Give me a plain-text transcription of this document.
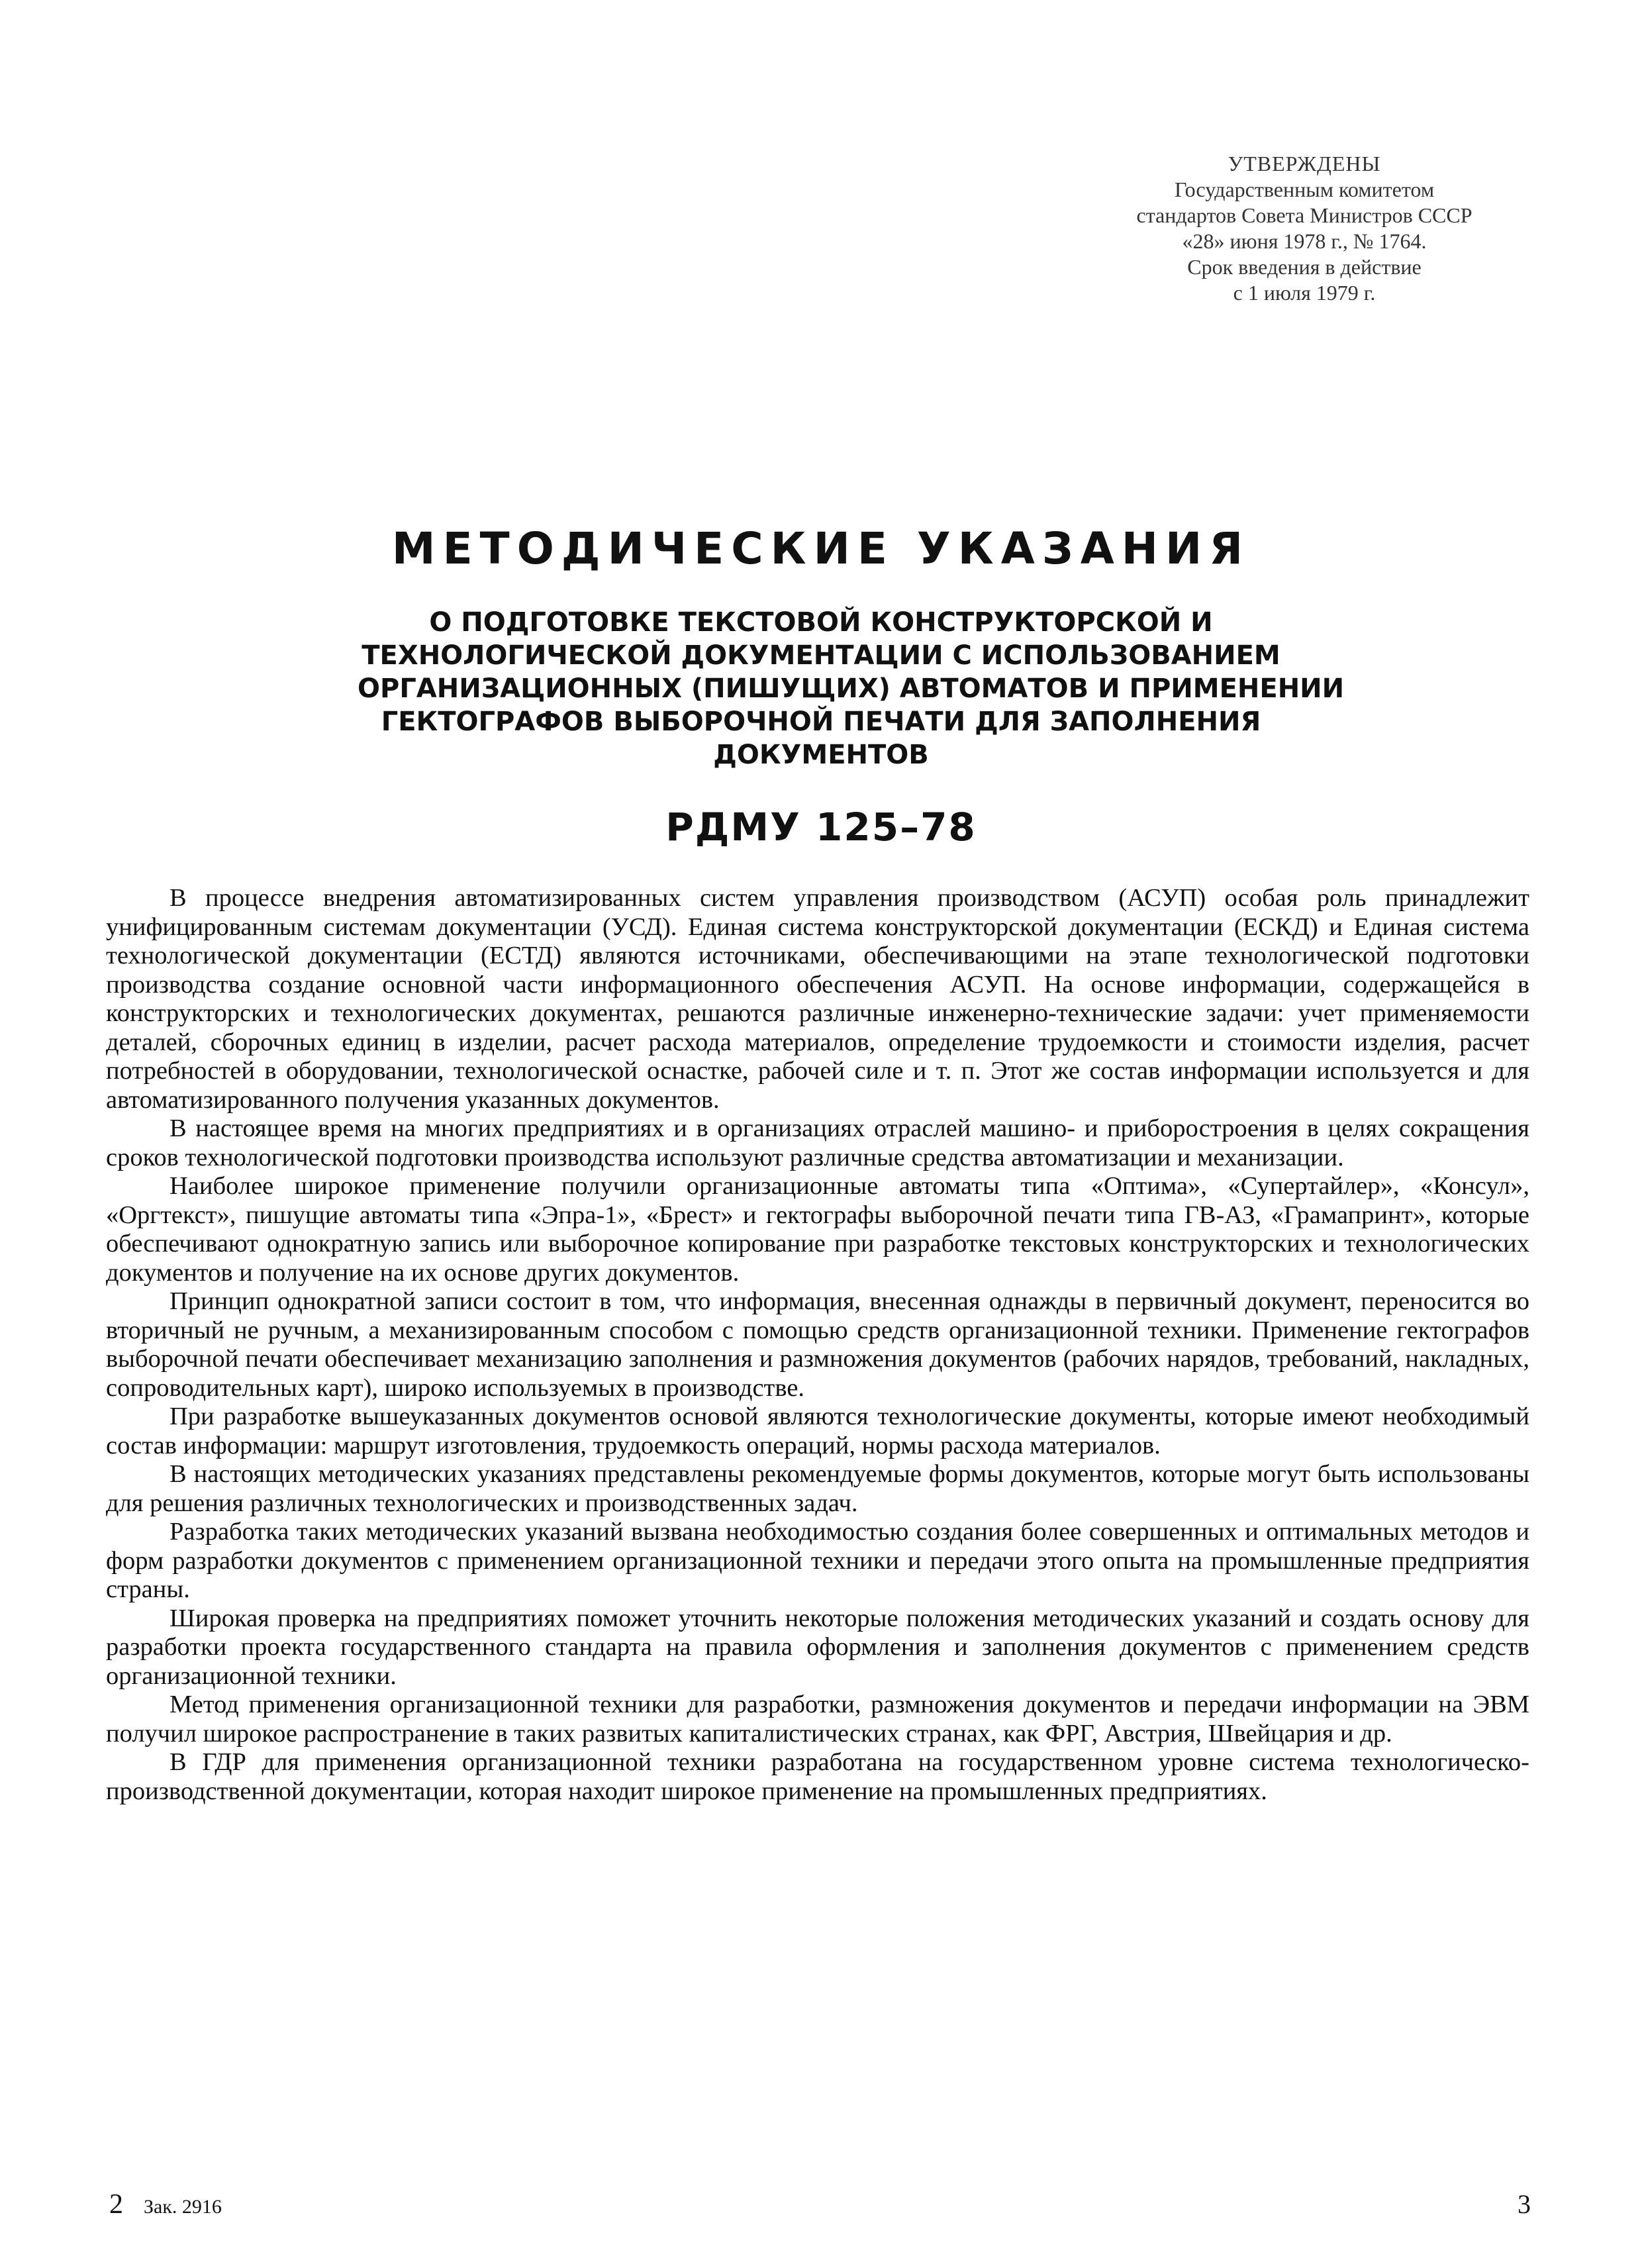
УТВЕРЖДЕНЫ
Государственным комитетом
стандартов Совета Министров СССР
«28» июня 1978 г., № 1764.
Срок введения в действие
с 1 июля 1979 г.
МЕТОДИЧЕСКИЕ УКАЗАНИЯ
О ПОДГОТОВКЕ ТЕКСТОВОЙ КОНСТРУКТОРСКОЙ И
ТЕХНОЛОГИЧЕСКОЙ ДОКУМЕНТАЦИИ С ИСПОЛЬЗОВАНИЕМ
ОРГАНИЗАЦИОННЫХ (ПИШУЩИХ) АВТОМАТОВ И ПРИМЕНЕНИИ
ГЕКТОГРАФОВ ВЫБОРОЧНОЙ ПЕЧАТИ ДЛЯ ЗАПОЛНЕНИЯ
ДОКУМЕНТОВ
РДМУ 125–78

В процессе внедрения автоматизированных систем управления производством (АСУП) особая роль принадлежит унифицированным системам документации (УСД). Единая система конструкторской документации (ЕСКД) и Единая система технологической документации (ЕСТД) являются источниками, обеспечивающими на этапе технологической подготовки производства создание основной части информационного обеспечения АСУП. На основе информации, содержащейся в конструкторских и технологических документах, решаются различные инженерно-технические задачи: учет применяемости деталей, сборочных единиц в изделии, расчет расхода материалов, определение трудоемкости и стоимости изделия, расчет потребностей в оборудовании, технологической оснастке, рабочей силе и т. п. Этот же состав информации используется и для автоматизированного получения указанных документов.

В настоящее время на многих предприятиях и в организациях отраслей машино- и приборостроения в целях сокращения сроков технологической подготовки производства используют различные средства автоматизации и механизации.

Наиболее широкое применение получили организационные автоматы типа «Оптима», «Супертайлер», «Консул», «Оргтекст», пишущие автоматы типа «Эпра-1», «Брест» и гектографы выборочной печати типа ГВ-АЗ, «Грамапринт», которые обеспечивают однократную запись или выборочное копирование при разработке текстовых конструкторских и технологических документов и получение на их основе других документов.

Принцип однократной записи состоит в том, что информация, внесенная однажды в первичный документ, переносится во вторичный не ручным, а механизированным способом с помощью средств организационной техники. Применение гектографов выборочной печати обеспечивает механизацию заполнения и размножения документов (рабочих нарядов, требований, накладных, сопроводительных карт), широко используемых в производстве.

При разработке вышеуказанных документов основой являются технологические документы, которые имеют необходимый состав информации: маршрут изготовления, трудоемкость операций, нормы расхода материалов.

В настоящих методических указаниях представлены рекомендуемые формы документов, которые могут быть использованы для решения различных технологических и производственных задач.

Разработка таких методических указаний вызвана необходимостью создания более совершенных и оптимальных методов и форм разработки документов с применением организационной техники и передачи этого опыта на промышленные предприятия страны.

Широкая проверка на предприятиях поможет уточнить некоторые положения методических указаний и создать основу для разработки проекта государственного стандарта на правила оформления и заполнения документов с применением средств организационной техники.

Метод применения организационной техники для разработки, размножения документов и передачи информации на ЭВМ получил широкое распространение в таких развитых капиталистических странах, как ФРГ, Австрия, Швейцария и др.

В ГДР для применения организационной техники разработана на государственном уровне система технологическо-производственной документации, которая находит широкое применение на промышленных предприятиях.

2 Зак. 2916	3
